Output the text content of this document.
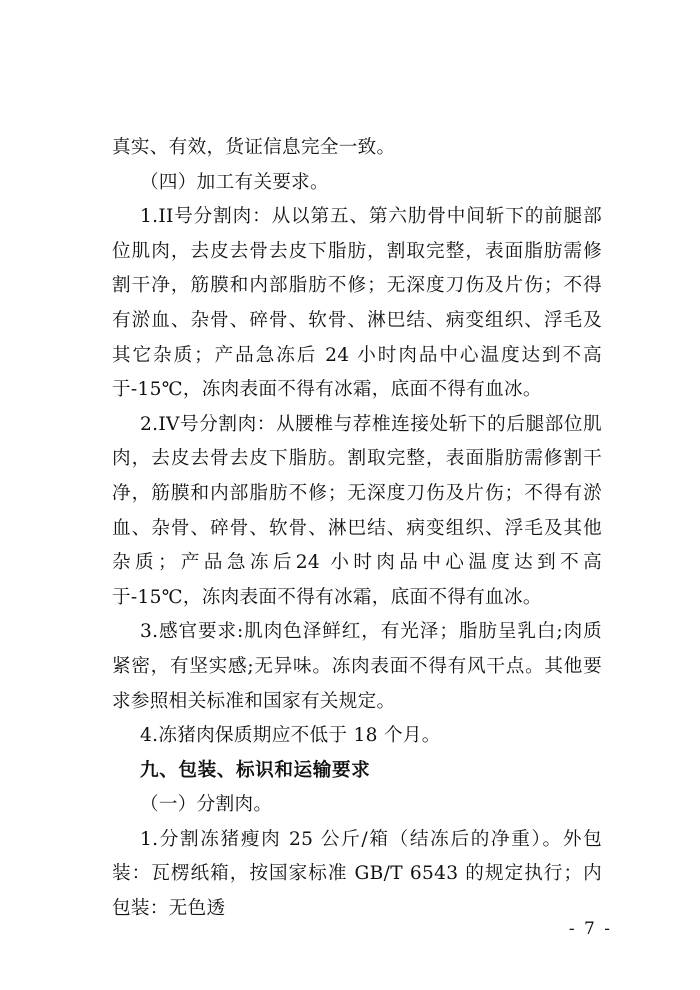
真实、有效，货证信息完全一致。

（四）加工有关要求。

1.II号分割肉：从以第五、第六肋骨中间斩下的前腿部位肌肉，去皮去骨去皮下脂肪，割取完整，表面脂肪需修割干净，筋膜和内部脂肪不修；无深度刀伤及片伤；不得有淤血、杂骨、碎骨、软骨、淋巴结、病变组织、浮毛及其它杂质；产品急冻后 24 小时肉品中心温度达到不高于-15℃，冻肉表面不得有冰霜，底面不得有血冰。

2.IV号分割肉：从腰椎与荐椎连接处斩下的后腿部位肌肉，去皮去骨去皮下脂肪。割取完整，表面脂肪需修割干净，筋膜和内部脂肪不修；无深度刀伤及片伤；不得有淤血、杂骨、碎骨、软骨、淋巴结、病变组织、浮毛及其他杂质；产品急冻后24 小时肉品中心温度达到不高于-15℃，冻肉表面不得有冰霜，底面不得有血冰。

3.感官要求:肌肉色泽鲜红，有光泽；脂肪呈乳白;肉质紧密，有坚实感;无异味。冻肉表面不得有风干点。其他要求参照相关标准和国家有关规定。

4.冻猪肉保质期应不低于 18 个月。

九、包装、标识和运输要求

（一）分割肉。

1.分割冻猪瘦肉 25 公斤/箱（结冻后的净重）。外包装：瓦楞纸箱，按国家标准 GB/T 6543 的规定执行；内包装：无色透

- 7 -
